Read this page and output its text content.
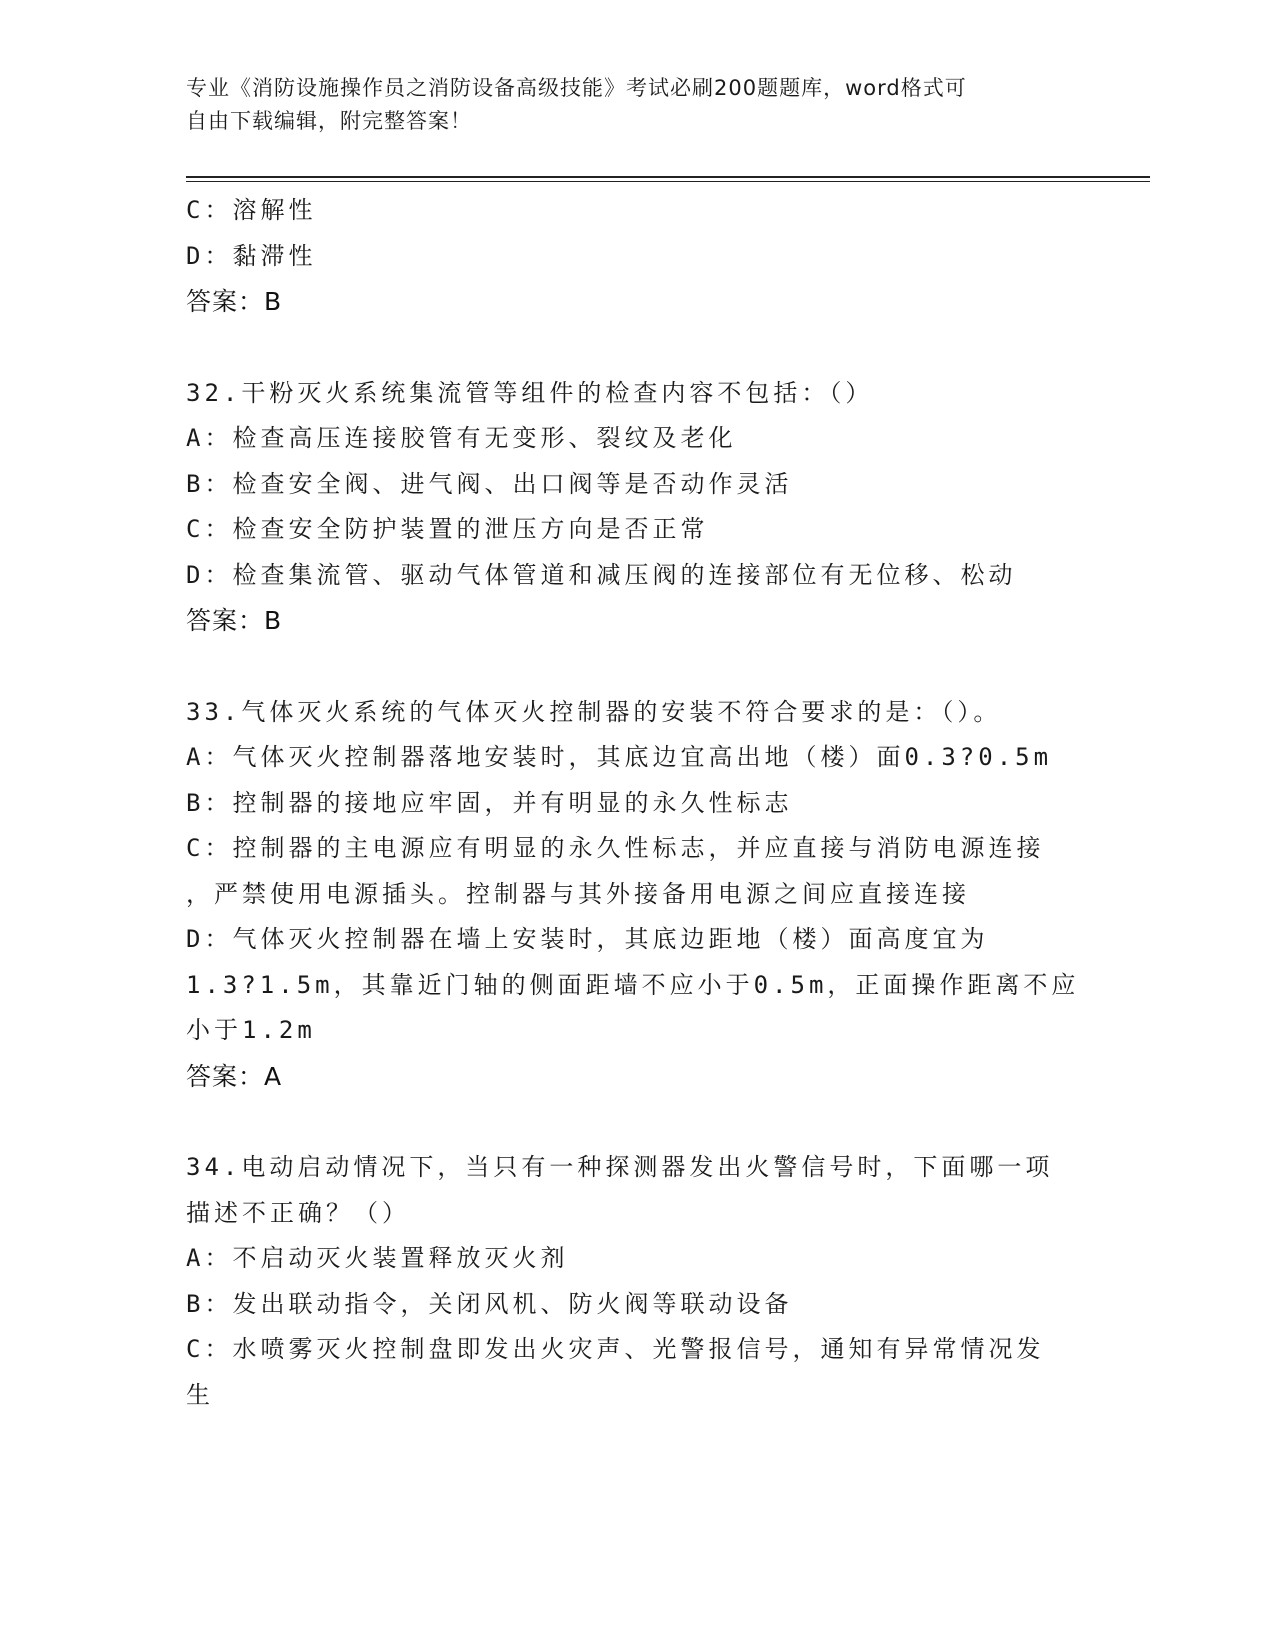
专业《消防设施操作员之消防设备高级技能》考试必刷200题题库，word格式可
自由下载编辑，附完整答案！
C：溶解性
D：黏滞性
答案：B
32.干粉灭火系统集流管等组件的检查内容不包括：（）
A：检查高压连接胶管有无变形、裂纹及老化
B：检查安全阀、进气阀、出口阀等是否动作灵活
C：检查安全防护装置的泄压方向是否正常
D：检查集流管、驱动气体管道和减压阀的连接部位有无位移、松动
答案：B
33.气体灭火系统的气体灭火控制器的安装不符合要求的是：（）。
A：气体灭火控制器落地安装时，其底边宜高出地（楼）面0.3?0.5m
B：控制器的接地应牢固，并有明显的永久性标志
C：控制器的主电源应有明显的永久性标志，并应直接与消防电源连接
，严禁使用电源插头。控制器与其外接备用电源之间应直接连接
D：气体灭火控制器在墙上安装时，其底边距地（楼）面高度宜为
1.3?1.5m，其靠近门轴的侧面距墙不应小于0.5m，正面操作距离不应
小于1.2m
答案：A
34.电动启动情况下，当只有一种探测器发出火警信号时，下面哪一项
描述不正确？（）
A：不启动灭火装置释放灭火剂
B：发出联动指令，关闭风机、防火阀等联动设备
C：水喷雾灭火控制盘即发出火灾声、光警报信号，通知有异常情况发
生
